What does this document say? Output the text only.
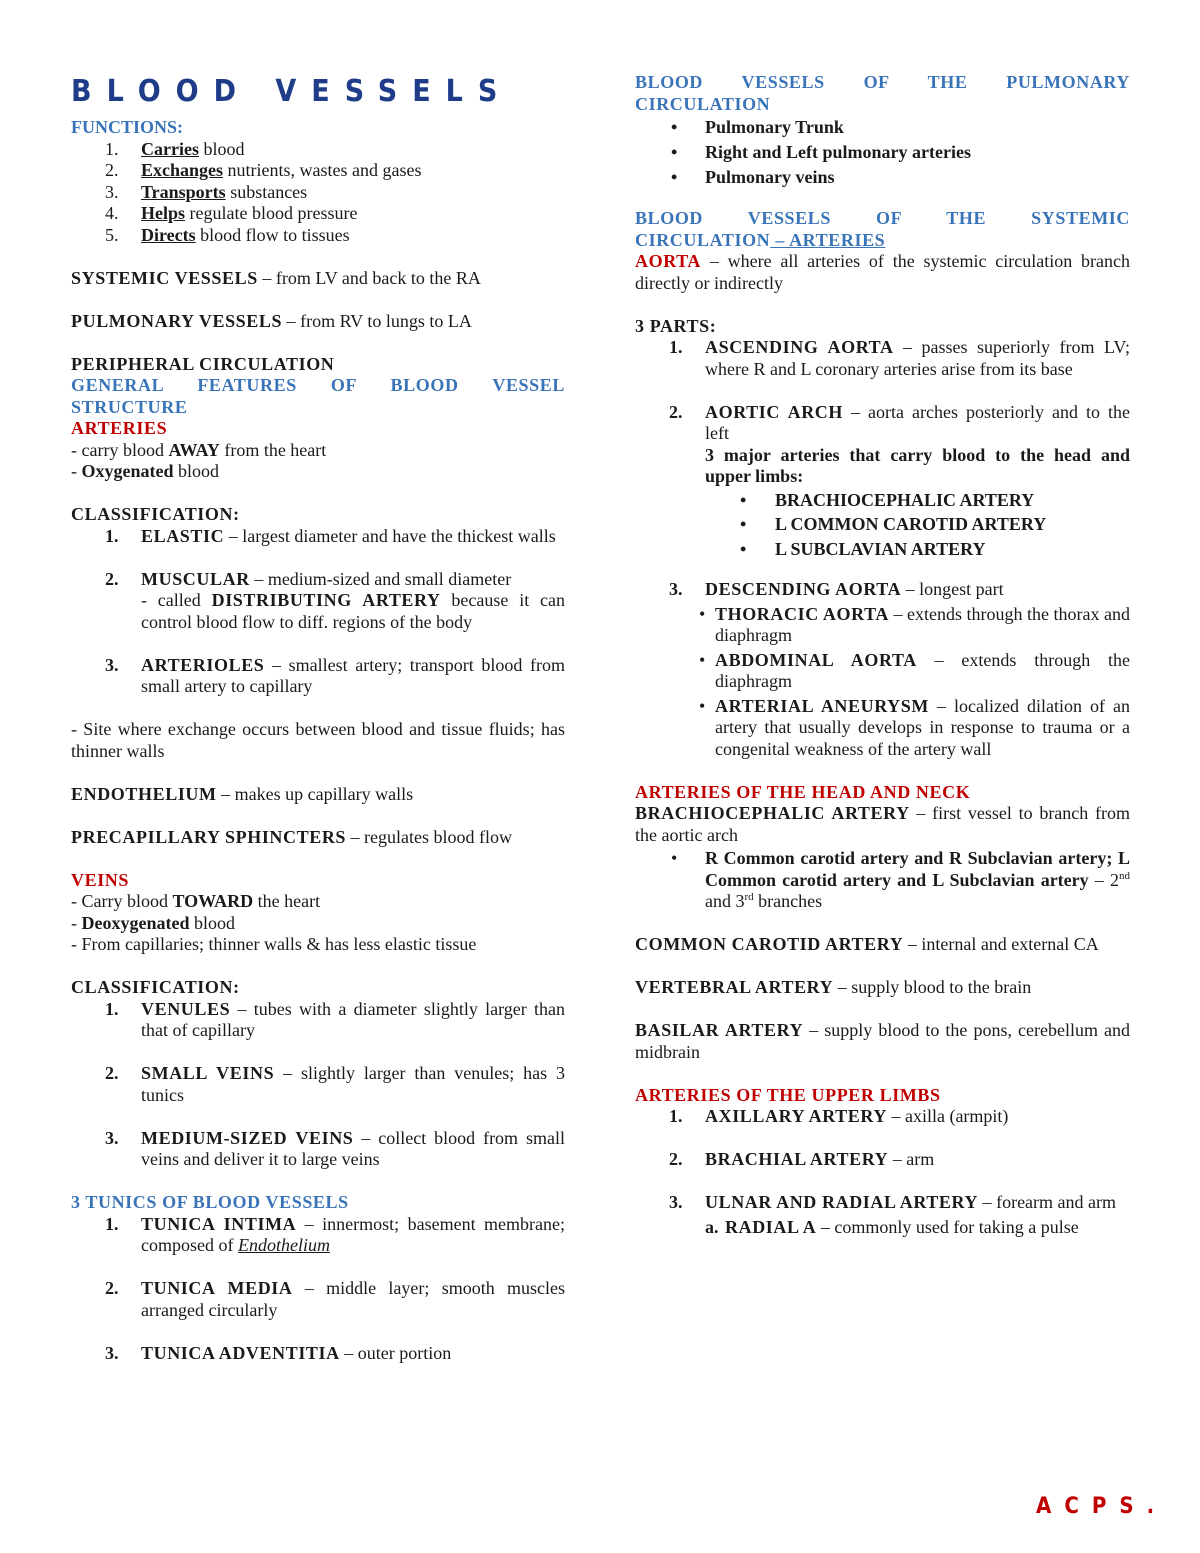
BLOOD VESSELS

FUNCTIONS:

1. Carries blood
2. Exchanges nutrients, wastes and gases
3. Transports substances
4. Helps regulate blood pressure
5. Directs blood flow to tissues

SYSTEMIC VESSELS – from LV and back to the RA

PULMONARY VESSELS – from RV to lungs to LA

PERIPHERAL CIRCULATION

GENERAL FEATURES OF BLOOD VESSEL

STRUCTURE

ARTERIES

- carry blood AWAY from the heart

- Oxygenated blood

CLASSIFICATION:

1. ELASTIC – largest diameter and have the thickest walls
2. MUSCULAR – medium-sized and small diameter
- called DISTRIBUTING ARTERY because it can control blood flow to diff. regions of the body
3. ARTERIOLES – smallest artery; transport blood from small artery to capillary

- Site where exchange occurs between blood and tissue fluids; has thinner walls

ENDOTHELIUM – makes up capillary walls

PRECAPILLARY SPHINCTERS – regulates blood flow

VEINS

- Carry blood TOWARD the heart

- Deoxygenated blood

- From capillaries; thinner walls & has less elastic tissue

CLASSIFICATION:

1. VENULES – tubes with a diameter slightly larger than that of capillary
2. SMALL VEINS – slightly larger than venules; has 3 tunics
3. MEDIUM-SIZED VEINS – collect blood from small veins and deliver it to large veins

3 TUNICS OF BLOOD VESSELS

1. TUNICA INTIMA – innermost; basement membrane; composed of Endothelium
2. TUNICA MEDIA – middle layer; smooth muscles arranged circularly
3. TUNICA ADVENTITIA – outer portion

BLOOD VESSELS OF THE PULMONARY

CIRCULATION

• Pulmonary Trunk
• Right and Left pulmonary arteries
• Pulmonary veins

BLOOD VESSELS OF THE SYSTEMIC

CIRCULATION – ARTERIES

AORTA – where all arteries of the systemic circulation branch directly or indirectly

3 PARTS:

1. ASCENDING AORTA – passes superiorly from LV; where R and L coronary arteries arise from its base
2. AORTIC ARCH – aorta arches posteriorly and to the left
3 major arteries that carry blood to the head and upper limbs:
• BRACHIOCEPHALIC ARTERY
• L COMMON CAROTID ARTERY
• L SUBCLAVIAN ARTERY
3. DESCENDING AORTA – longest part
• THORACIC AORTA – extends through the thorax and diaphragm
• ABDOMINAL AORTA – extends through the diaphragm
• ARTERIAL ANEURYSM – localized dilation of an artery that usually develops in response to trauma or a congenital weakness of the artery wall

ARTERIES OF THE HEAD AND NECK

BRACHIOCEPHALIC ARTERY – first vessel to branch from the aortic arch

• R Common carotid artery and R Subclavian artery; L Common carotid artery and L Subclavian artery – 2nd and 3rd branches

COMMON CAROTID ARTERY – internal and external CA

VERTEBRAL ARTERY – supply blood to the brain

BASILAR ARTERY – supply blood to the pons, cerebellum and midbrain

ARTERIES OF THE UPPER LIMBS

1. AXILLARY ARTERY – axilla (armpit)
2. BRACHIAL ARTERY – arm
3. ULNAR AND RADIAL ARTERY – forearm and arm
a. RADIAL A – commonly used for taking a pulse
ACPS.
